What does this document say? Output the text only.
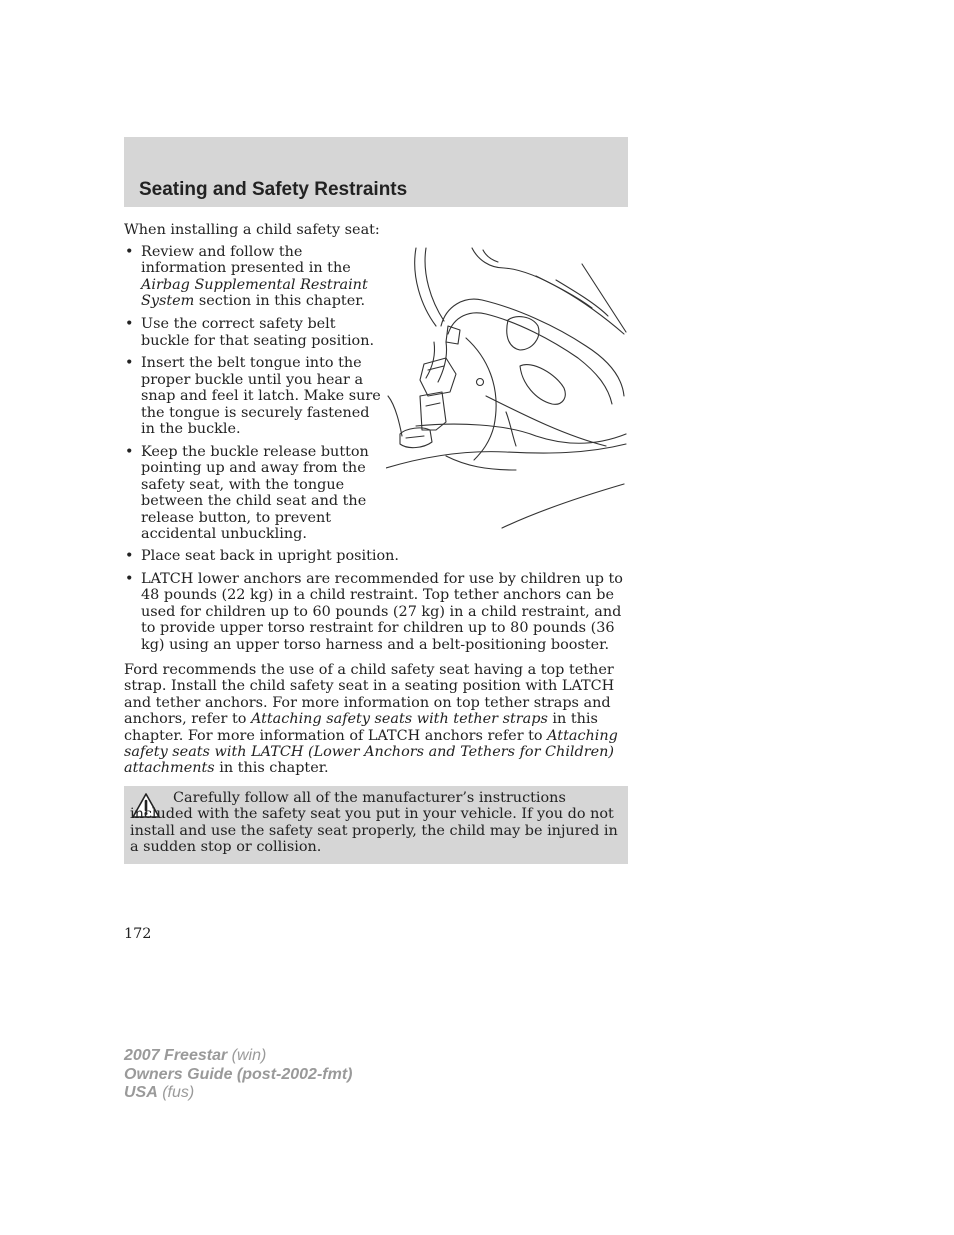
Seating and Safety Restraints
When installing a child safety seat:
• Review and follow the information presented in the Airbag Supplemental Restraint System section in this chapter.
• Use the correct safety belt buckle for that seating position.
• Insert the belt tongue into the proper buckle until you hear a snap and feel it latch. Make sure the tongue is securely fastened in the buckle.
• Keep the buckle release button pointing up and away from the safety seat, with the tongue between the child seat and the release button, to prevent accidental unbuckling.
• Place seat back in upright position.
• LATCH lower anchors are recommended for use by children up to 48 pounds (22 kg) in a child restraint. Top tether anchors can be used for children up to 60 pounds (27 kg) in a child restraint, and to provide upper torso restraint for children up to 80 pounds (36 kg) using an upper torso harness and a belt-positioning booster.
Ford recommends the use of a child safety seat having a top tether strap. Install the child safety seat in a seating position with LATCH and tether anchors. For more information on top tether straps and anchors, refer to Attaching safety seats with tether straps in this chapter. For more information of LATCH anchors refer to Attaching safety seats with LATCH (Lower Anchors and Tethers for Children) attachments in this chapter.

Carefully follow all of the manufacturer’s instructions included with the safety seat you put in your vehicle. If you do not install and use the safety seat properly, the child may be injured in a sudden stop or collision.

172
2007 Freestar (win)
Owners Guide (post-2002-fmt)
USA (fus)
